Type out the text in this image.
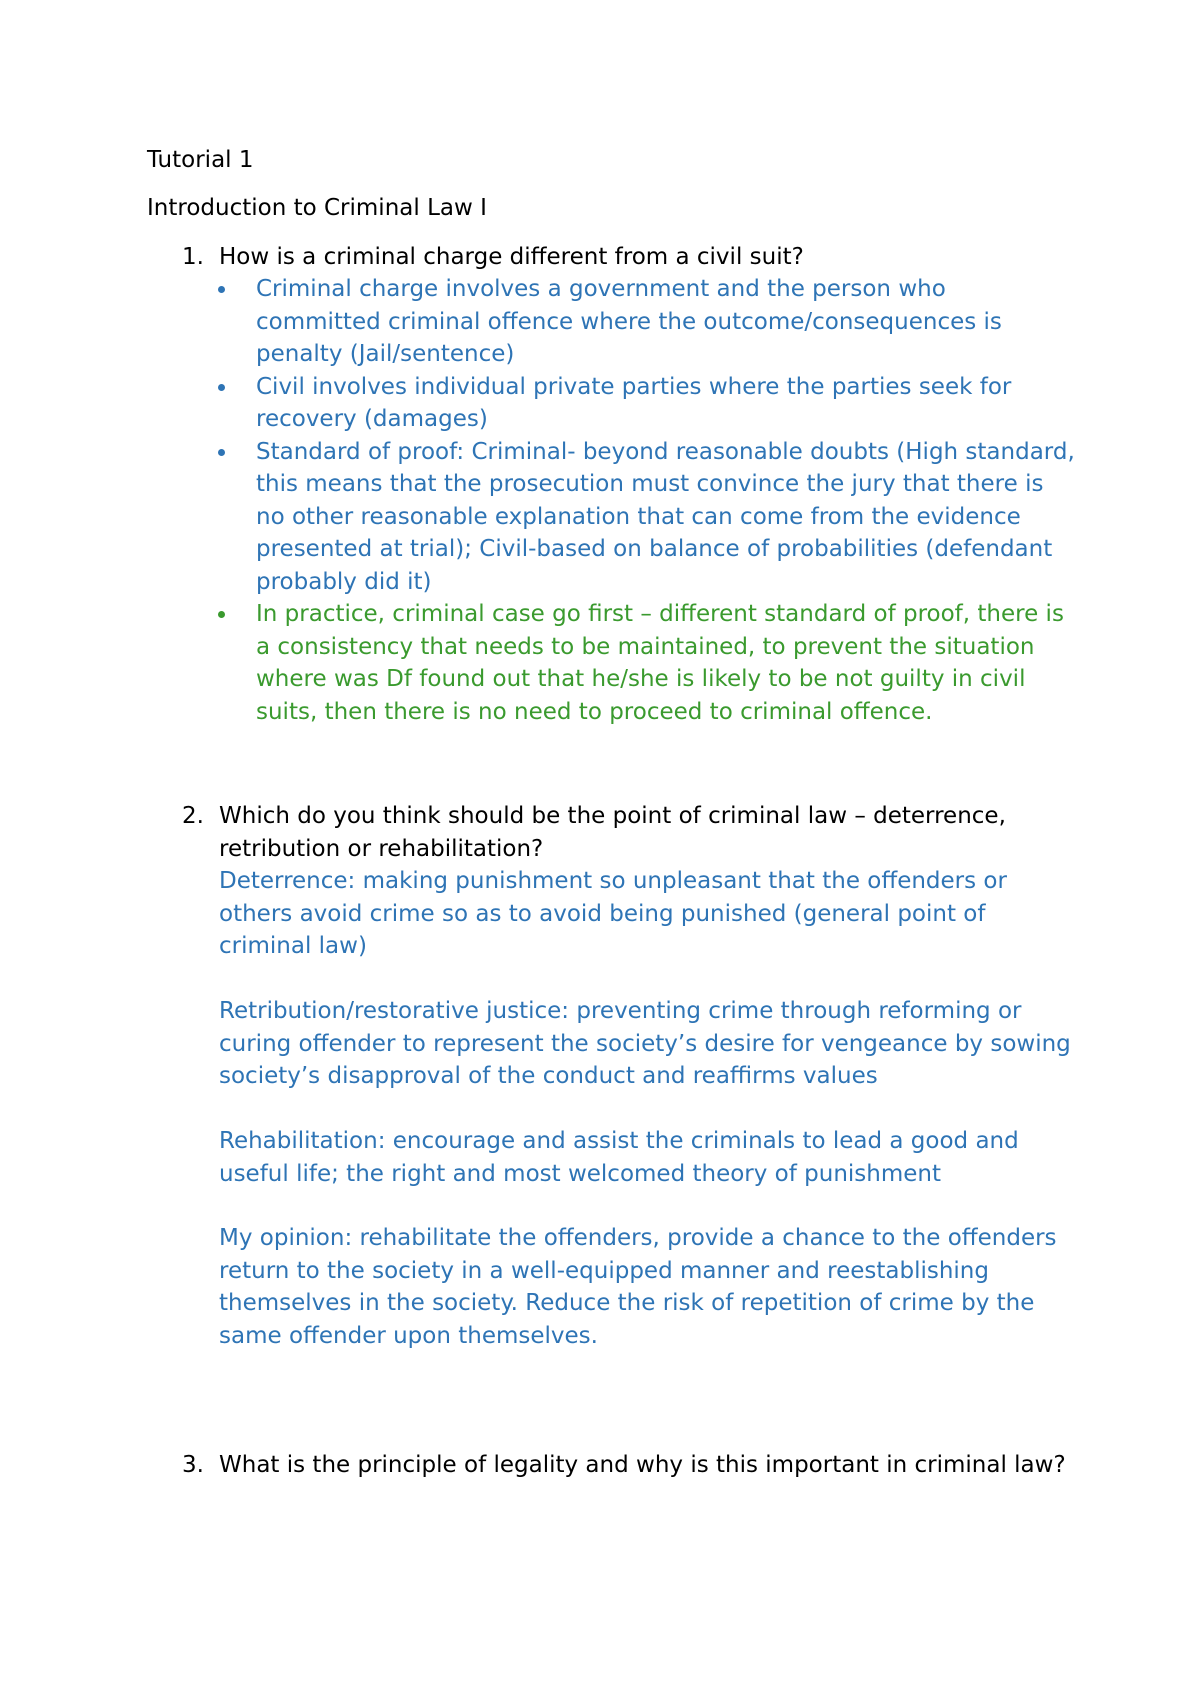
Tutorial 1
Introduction to Criminal Law I
1. How is a criminal charge different from a civil suit?

Criminal charge involves a government and the person who committed criminal offence where the outcome/consequences is penalty (Jail/sentence)
Civil involves individual private parties where the parties seek for recovery (damages)
Standard of proof: Criminal- beyond reasonable doubts (High standard, this means that the prosecution must convince the jury that there is no other reasonable explanation that can come from the evidence presented at trial); Civil-based on balance of probabilities (defendant probably did it)
In practice, criminal case go first – different standard of proof, there is a consistency that needs to be maintained, to prevent the situation where was Df found out that he/she is likely to be not guilty in civil suits, then there is no need to proceed to criminal offence.
2. Which do you think should be the point of criminal law – deterrence, retribution or rehabilitation?

Deterrence: making punishment so unpleasant that the offenders or others avoid crime so as to avoid being punished (general point of criminal law)

Retribution/restorative justice: preventing crime through reforming or curing offender to represent the society’s desire for vengeance by sowing society’s disapproval of the conduct and reaffirms values

Rehabilitation: encourage and assist the criminals to lead a good and useful life; the right and most welcomed theory of punishment

My opinion: rehabilitate the offenders, provide a chance to the offenders return to the society in a well-equipped manner and reestablishing themselves in the society. Reduce the risk of repetition of crime by the same offender upon themselves.

3. What is the principle of legality and why is this important in criminal law?
